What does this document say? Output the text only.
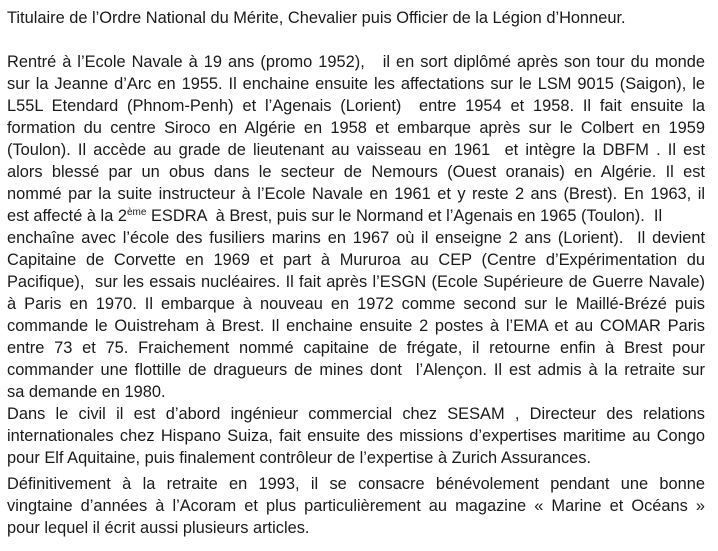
Titulaire de l’Ordre National du Mérite, Chevalier puis Officier de la Légion d’Honneur.
Rentré à l’Ecole Navale à 19 ans (promo 1952),   il en sort diplômé après son tour du monde
sur la Jeanne d’Arc en 1955. Il enchaine ensuite les affectations sur le LSM 9015 (Saigon), le
L55L Etendard (Phnom-Penh) et l’Agenais (Lorient)  entre 1954 et 1958. Il fait ensuite la
formation du centre Siroco en Algérie en 1958 et embarque après sur le Colbert en 1959
(Toulon). Il accède au grade de lieutenant au vaisseau en 1961  et intègre la DBFM . Il est
alors blessé par un obus dans le secteur de Nemours (Ouest oranais) en Algérie. Il est
nommé par la suite instructeur à l’Ecole Navale en 1961 et y reste 2 ans (Brest). En 1963, il
est affecté à la 2ème ESDRA  à Brest, puis sur le Normand et l’Agenais en 1965 (Toulon).  Il
enchaîne avec l’école des fusiliers marins en 1967 où il enseigne 2 ans (Lorient).  Il devient
Capitaine de Corvette en 1969 et part à Mururoa au CEP (Centre d’Expérimentation du
Pacifique),  sur les essais nucléaires. Il fait après l’ESGN (Ecole Supérieure de Guerre Navale)
à Paris en 1970. Il embarque à nouveau en 1972 comme second sur le Maillé-Brézé puis
commande le Ouistreham à Brest. Il enchaine ensuite 2 postes à l’EMA et au COMAR Paris
entre 73 et 75. Fraichement nommé capitaine de frégate, il retourne enfin à Brest pour
commander une flottille de dragueurs de mines dont  l’Alençon. Il est admis à la retraite sur
sa demande en 1980.
Dans le civil il est d’abord ingénieur commercial chez SESAM , Directeur des relations
internationales chez Hispano Suiza, fait ensuite des missions d’expertises maritime au Congo
pour Elf Aquitaine, puis finalement contrôleur de l’expertise à Zurich Assurances.
Définitivement à la retraite en 1993, il se consacre bénévolement pendant une bonne
vingtaine d’années à l’Acoram et plus particulièrement au magazine « Marine et Océans »
pour lequel il écrit aussi plusieurs articles.
